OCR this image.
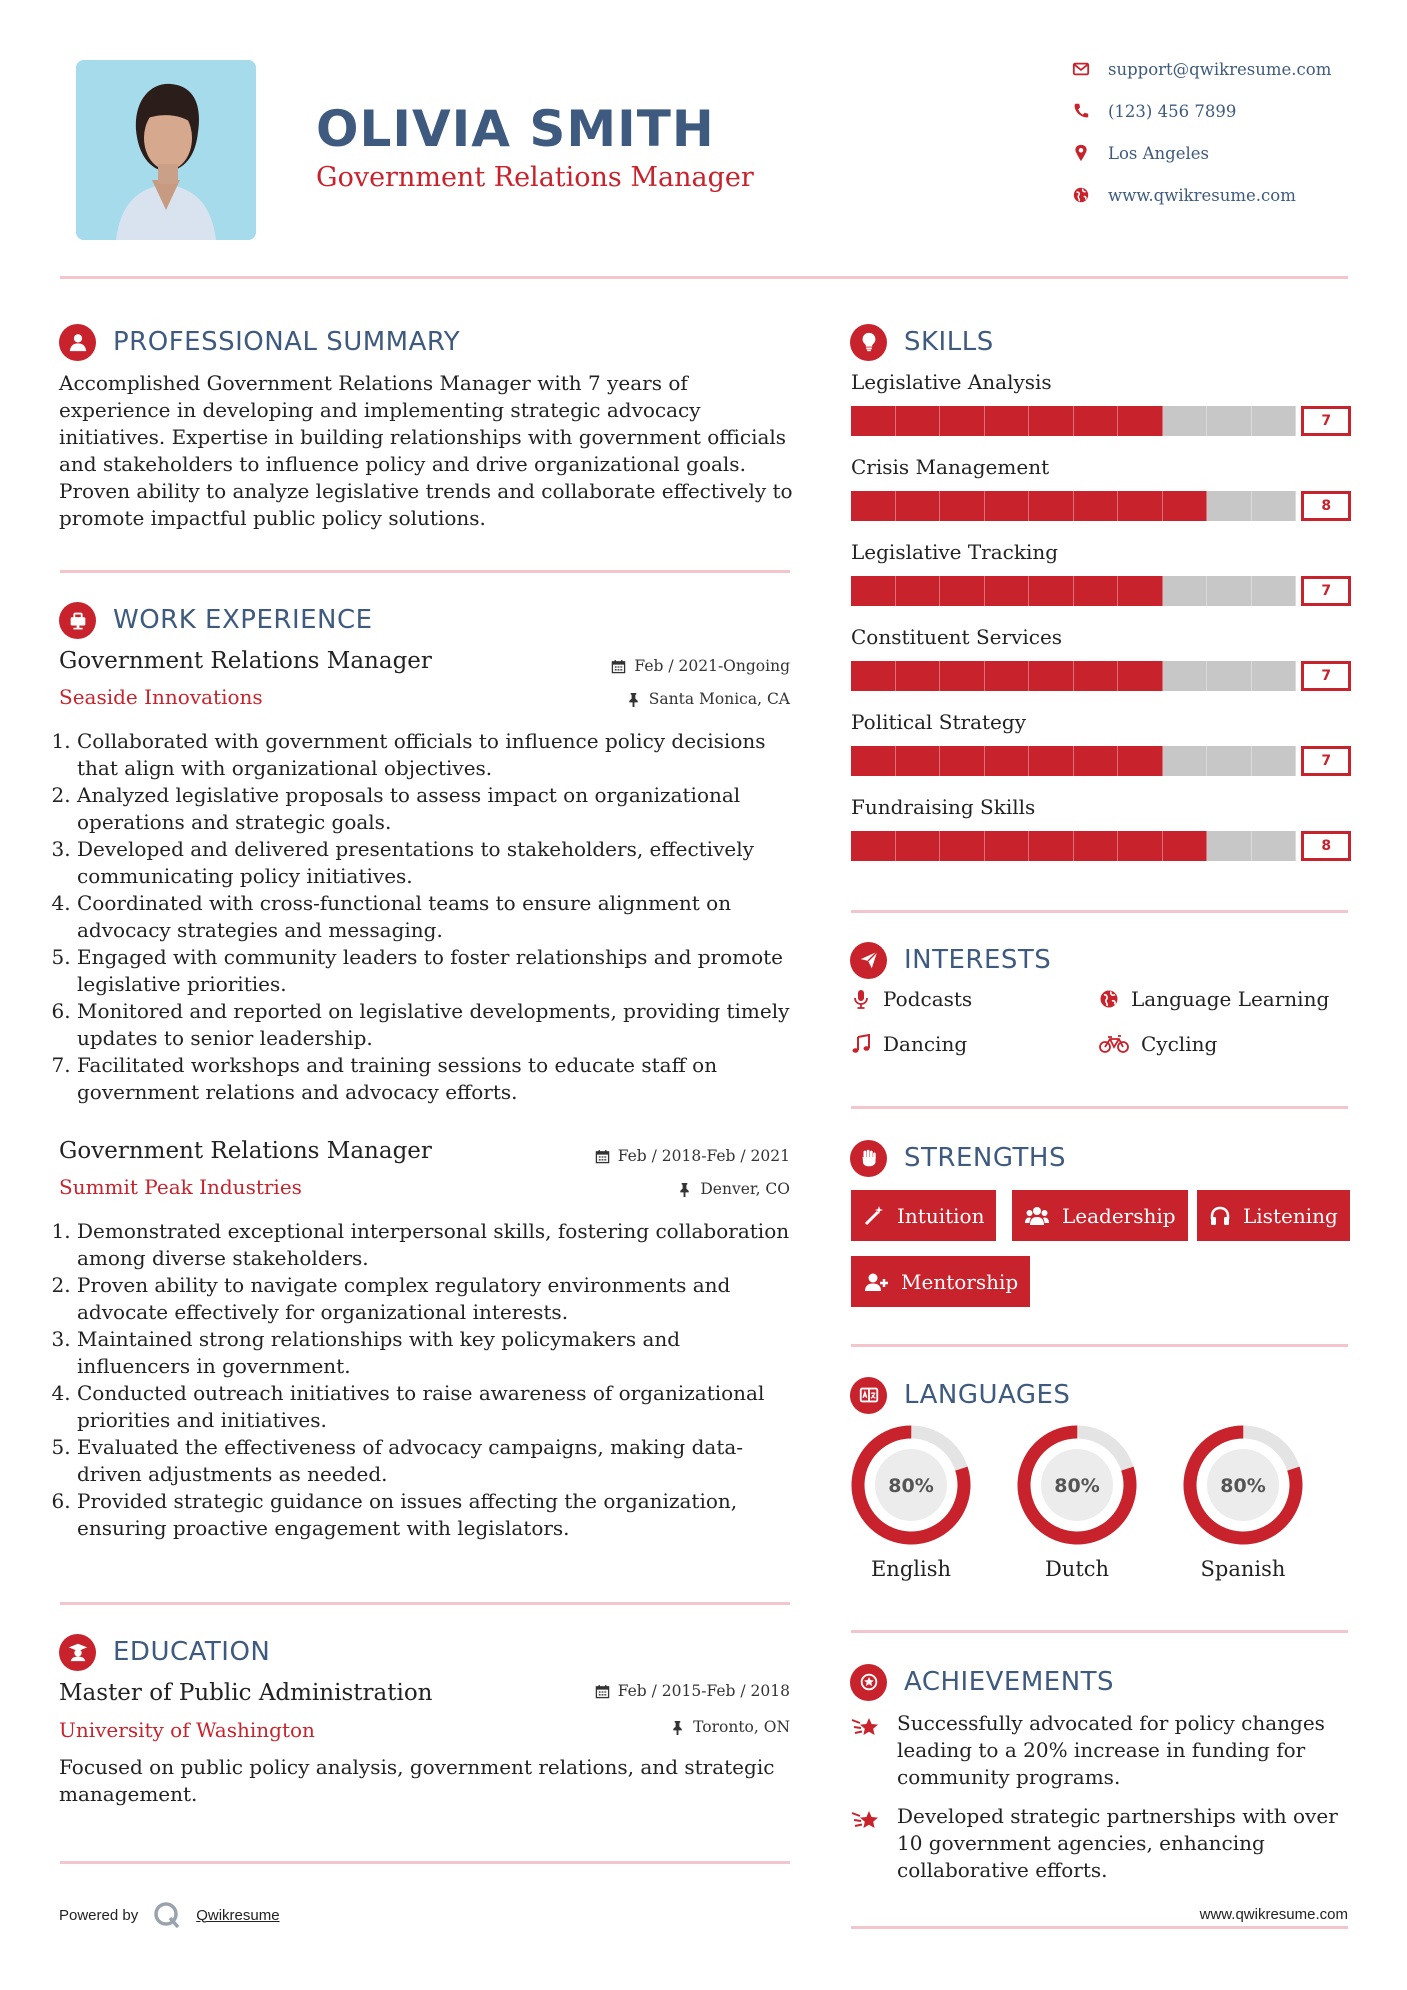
OLIVIA SMITH
Government Relations Manager
support@qwikresume.com
(123) 456 7899
Los Angeles
www.qwikresume.com
PROFESSIONAL SUMMARY
Accomplished Government Relations Manager with 7 years of experience in developing and implementing strategic advocacy initiatives. Expertise in building relationships with government officials and stakeholders to influence policy and drive organizational goals. Proven ability to analyze legislative trends and collaborate effectively to promote impactful public policy solutions.
WORK EXPERIENCE
Government Relations Manager
Seaside Innovations
Feb / 2021-Ongoing
Santa Monica, CA
1. Collaborated with government officials to influence policy decisions that align with organizational objectives.
2. Analyzed legislative proposals to assess impact on organizational operations and strategic goals.
3. Developed and delivered presentations to stakeholders, effectively communicating policy initiatives.
4. Coordinated with cross-functional teams to ensure alignment on advocacy strategies and messaging.
5. Engaged with community leaders to foster relationships and promote legislative priorities.
6. Monitored and reported on legislative developments, providing timely updates to senior leadership.
7. Facilitated workshops and training sessions to educate staff on government relations and advocacy efforts.
Government Relations Manager
Summit Peak Industries
Feb / 2018-Feb / 2021
Denver, CO
1. Demonstrated exceptional interpersonal skills, fostering collaboration among diverse stakeholders.
2. Proven ability to navigate complex regulatory environments and advocate effectively for organizational interests.
3. Maintained strong relationships with key policymakers and influencers in government.
4. Conducted outreach initiatives to raise awareness of organizational priorities and initiatives.
5. Evaluated the effectiveness of advocacy campaigns, making data-driven adjustments as needed.
6. Provided strategic guidance on issues affecting the organization, ensuring proactive engagement with legislators.
EDUCATION
Master of Public Administration
University of Washington
Feb / 2015-Feb / 2018
Toronto, ON
Focused on public policy analysis, government relations, and strategic management.
Powered by	Qwikresume
SKILLS
Legislative Analysis
7
Crisis Management
8
Legislative Tracking
7
Constituent Services
7
Political Strategy
7
Fundraising Skills
8
INTERESTS
Podcasts	Language Learning
Dancing	Cycling
STRENGTHS
Intuition	Leadership	Listening
Mentorship
LANGUAGES
80%
English
80%
Dutch
80%
Spanish
ACHIEVEMENTS
Successfully advocated for policy changes leading to a 20% increase in funding for community programs.
Developed strategic partnerships with over 10 government agencies, enhancing collaborative efforts.
www.qwikresume.com
